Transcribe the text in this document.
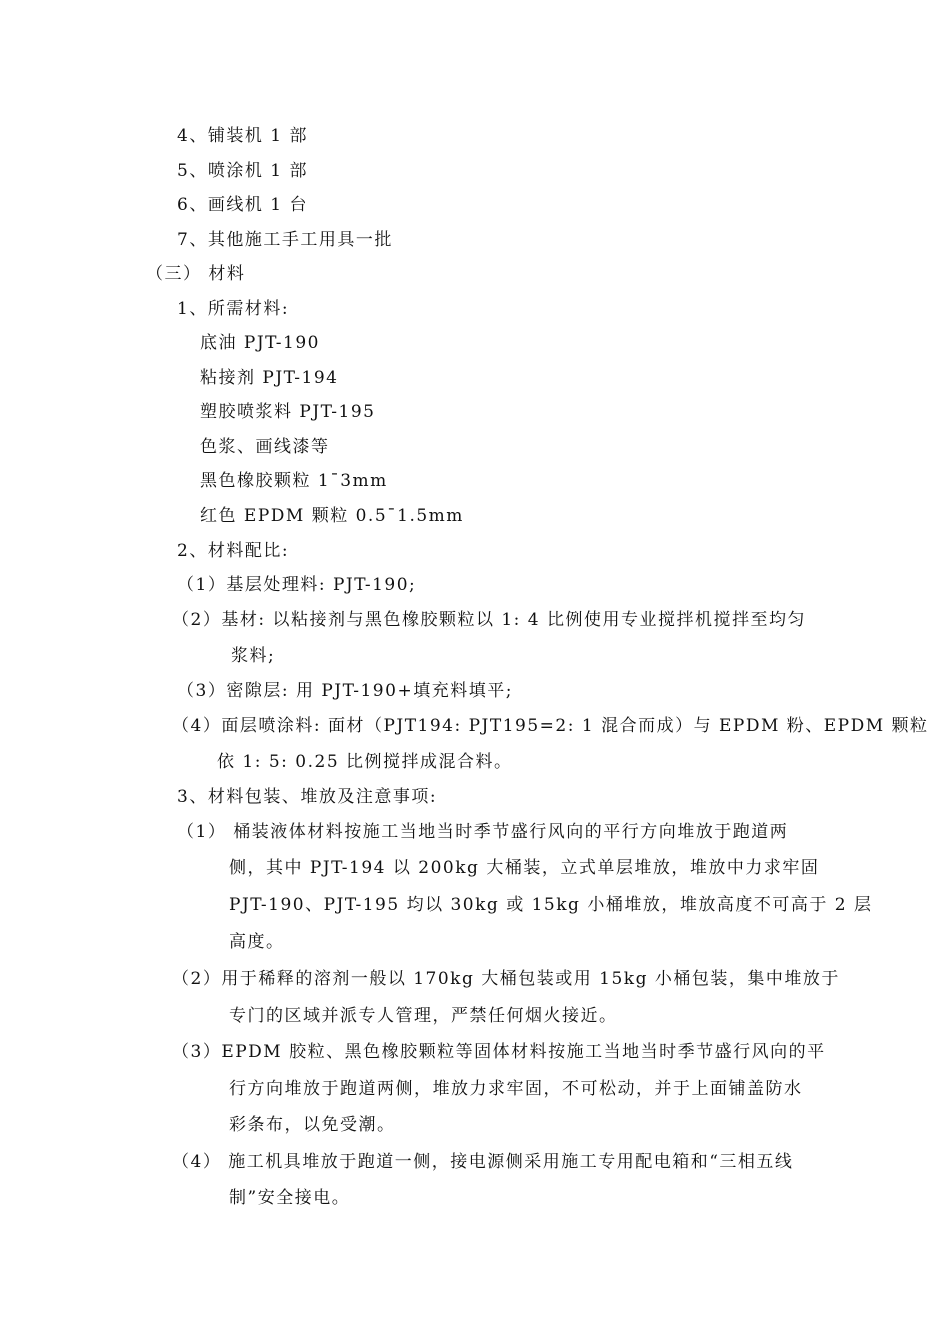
4、铺装机 1 部
5、喷涂机 1 部
6、画线机 1 台
7、其他施工手工用具一批
（三） 材料
1、所需材料:
底油 PJT-190
粘接剂 PJT-194
塑胶喷浆料 PJT-195
色浆、画线漆等
黑色橡胶颗粒 1¯3mm
红色 EPDM 颗粒 0.5¯1.5mm
2、材料配比:
（1）基层处理料: PJT-190;
（2）基材: 以粘接剂与黑色橡胶颗粒以 1: 4 比例使用专业搅拌机搅拌至均匀
浆料;
（3）密隙层: 用 PJT-190+填充料填平;
（4）面层喷涂料: 面材（PJT194: PJT195=2: 1 混合而成）与 EPDM 粉、EPDM 颗粒
依 1: 5: 0.25 比例搅拌成混合料。
3、材料包装、堆放及注意事项:
（1） 桶装液体材料按施工当地当时季节盛行风向的平行方向堆放于跑道两
侧，其中 PJT-194 以 200kg 大桶装，立式单层堆放，堆放中力求牢固
PJT-190、PJT-195 均以 30kg 或 15kg 小桶堆放，堆放高度不可高于 2 层
高度。
（2）用于稀释的溶剂一般以 170kg 大桶包装或用 15kg 小桶包装，集中堆放于
专门的区域并派专人管理，严禁任何烟火接近。
（3）EPDM 胶粒、黑色橡胶颗粒等固体材料按施工当地当时季节盛行风向的平
行方向堆放于跑道两侧，堆放力求牢固，不可松动，并于上面铺盖防水
彩条布，以免受潮。
（4） 施工机具堆放于跑道一侧，接电源侧采用施工专用配电箱和“三相五线
制”安全接电。
